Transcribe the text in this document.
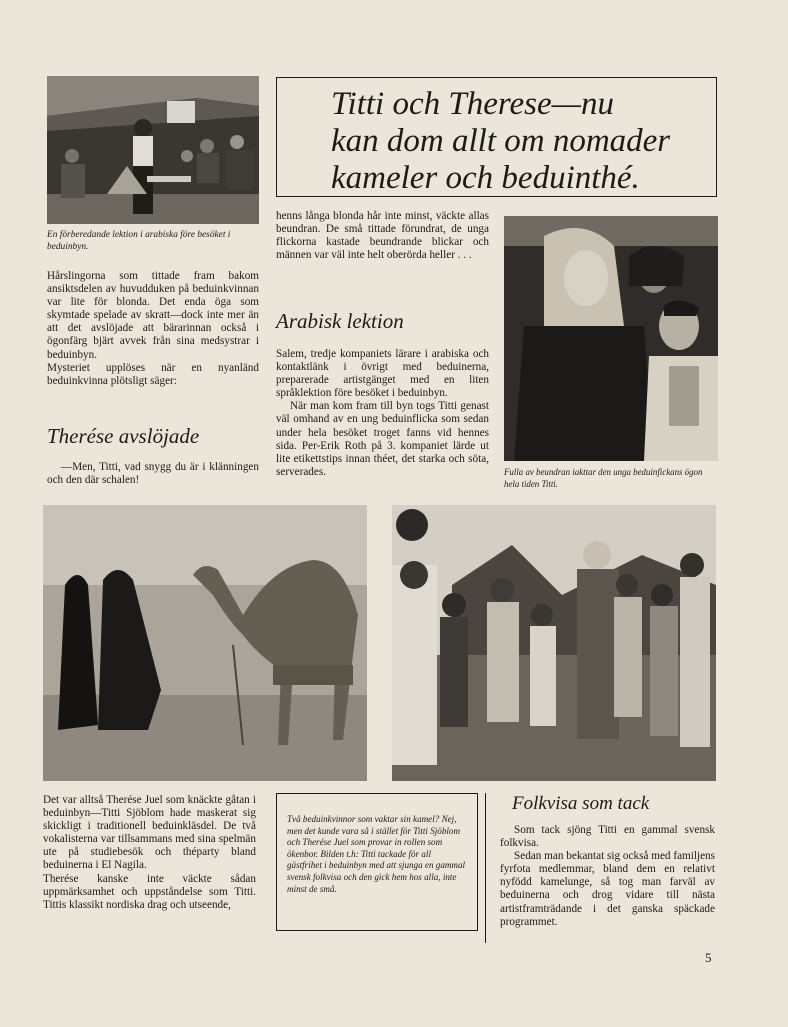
En förberedande lektion i arabiska före besöket i beduinbyn.

Titti och Therese—nu
kan dom allt om nomader
kameler och beduinthé.

Hårslingorna som tittade fram bakom ansiktsdelen av huvudduken på beduinkvinnan var lite för blonda. Det enda öga som skymtade spelade av skratt—dock inte mer än att det avslöjade att bärarinnan också i ögonfärg bjärt avvek från sina medsystrar i beduinbyn.

Mysteriet upplöses när en nyanländ beduinkvinna plötsligt säger:

Therése avslöjade

—Men, Titti, vad snygg du är i klänningen och den där schalen!

henns långa blonda hår inte minst, väckte allas beundran. De små tittade förundrat, de unga flickorna kastade beundrande blickar och männen var väl inte helt oberörda heller . . .

Arabisk lektion

Salem, tredje kompaniets lärare i arabiska och kontaktlänk i övrigt med beduinerna, preparerade artistgänget med en liten språklektion före besöket i beduinbyn.

När man kom fram till byn togs Titti genast väl omhand av en ung beduinflicka som sedan under hela besöket troget fanns vid hennes sida. Per-Erik Roth på 3. kompaniet lärde ut lite etikettstips innan théet, det starka och söta, serverades.	Fulla av beundran iakttar den unga beduinfickans ögon hela tiden Titti.

Det var alltså Therése Juel som knäckte gåtan i beduinbyn—Titti Sjöblom hade maskerat sig skickligt i traditionell beduinkläsdel. De två vokalisterna var tillsammans med sina spelmän ute på studiebesök och théparty bland beduinerna i El Nagila.

Therése kanske inte väckte sådan uppmärksamhet och uppståndelse som Titti. Tittis klassikt nordiska drag och utseende,

Två beduinkvinnor som vaktar sin kamel? Nej, men det kunde vara så i stället för Titti Sjöblom och Therése Juel som provar in rollen som ökenbor. Bilden t.h: Titti tackade för all gästfrihet i beduinbyn med att sjunga en gammal svensk folkvisa och den gick hem hos alla, inte minst de små.

Folkvisa som tack

Som tack sjöng Titti en gammal svensk folkvisa.

Sedan man bekantat sig också med familjens fyrfota medlemmar, bland dem en relativt nyfödd kamelunge, så tog man farväl av beduinerna och drog vidare till nästa artistframträdande i det ganska späckade programmet.

5
